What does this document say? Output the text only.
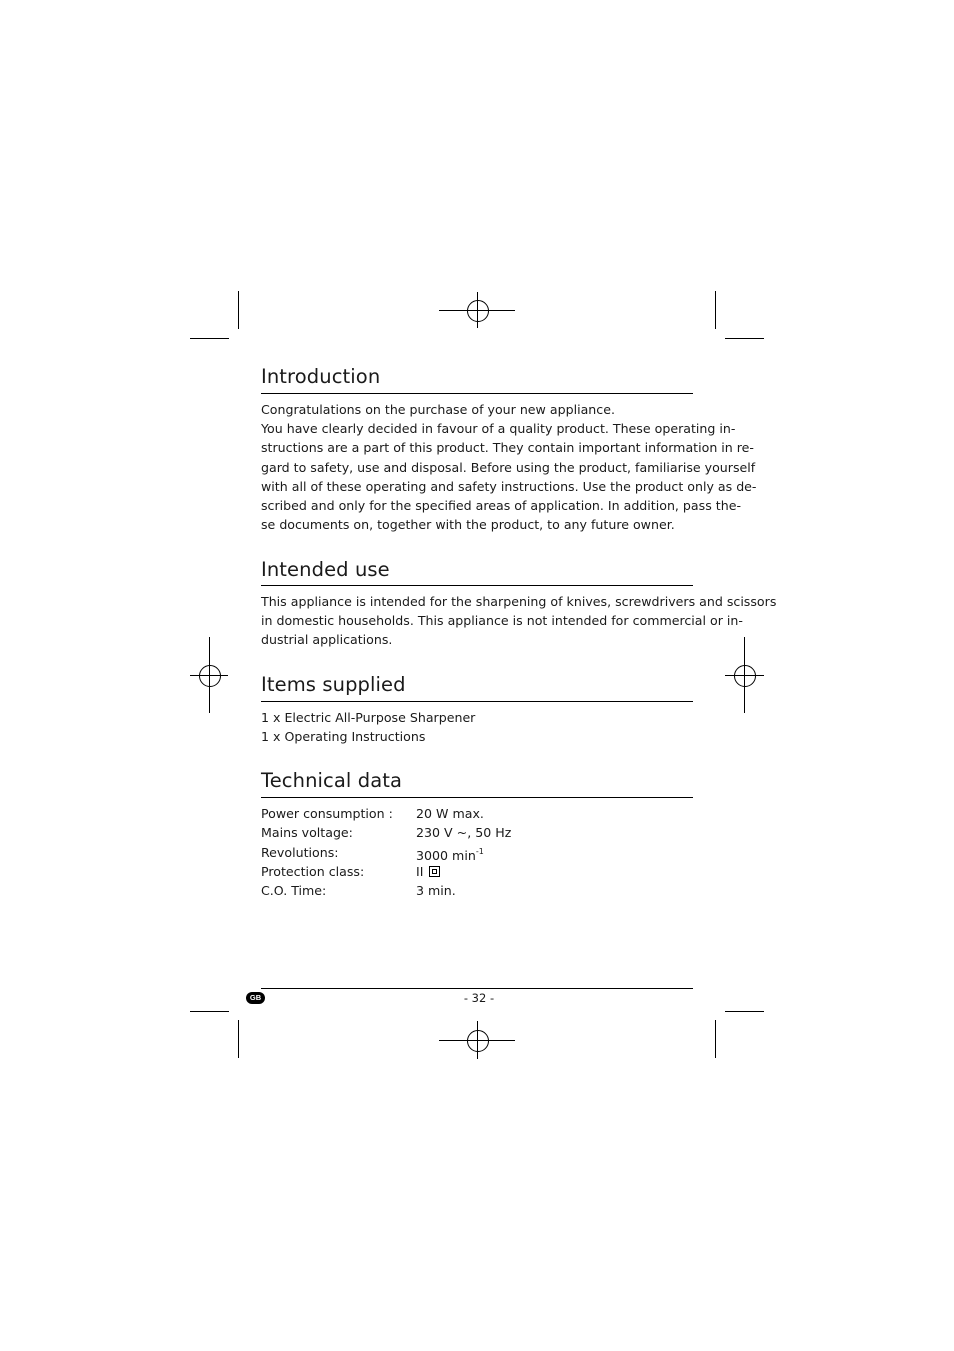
Introduction
Congratulations on the purchase of your new appliance.
You have clearly decided in favour of a quality product. These operating in-
structions are a part of this product. They contain important information in re-
gard to safety, use and disposal. Before using the product, familiarise yourself
with all of these operating and safety instructions. Use the product only as de-
scribed and only for the specified areas of application. In addition, pass the-
se documents on, together with the product, to any future owner.
Intended use
This appliance is intended for the sharpening of knives, screwdrivers and scissors
in domestic households. This appliance is not intended for commercial or in-
dustrial applications.
Items supplied
1 x Electric All-Purpose Sharpener
1 x Operating Instructions
Technical data
Power consumption : 20 W max.
Mains voltage:	230 V ~, 50 Hz
Revolutions:	3000 $\min^{-1}$
Protection class:	II
C.O. Time:	3 min.
GB	- 32 -
